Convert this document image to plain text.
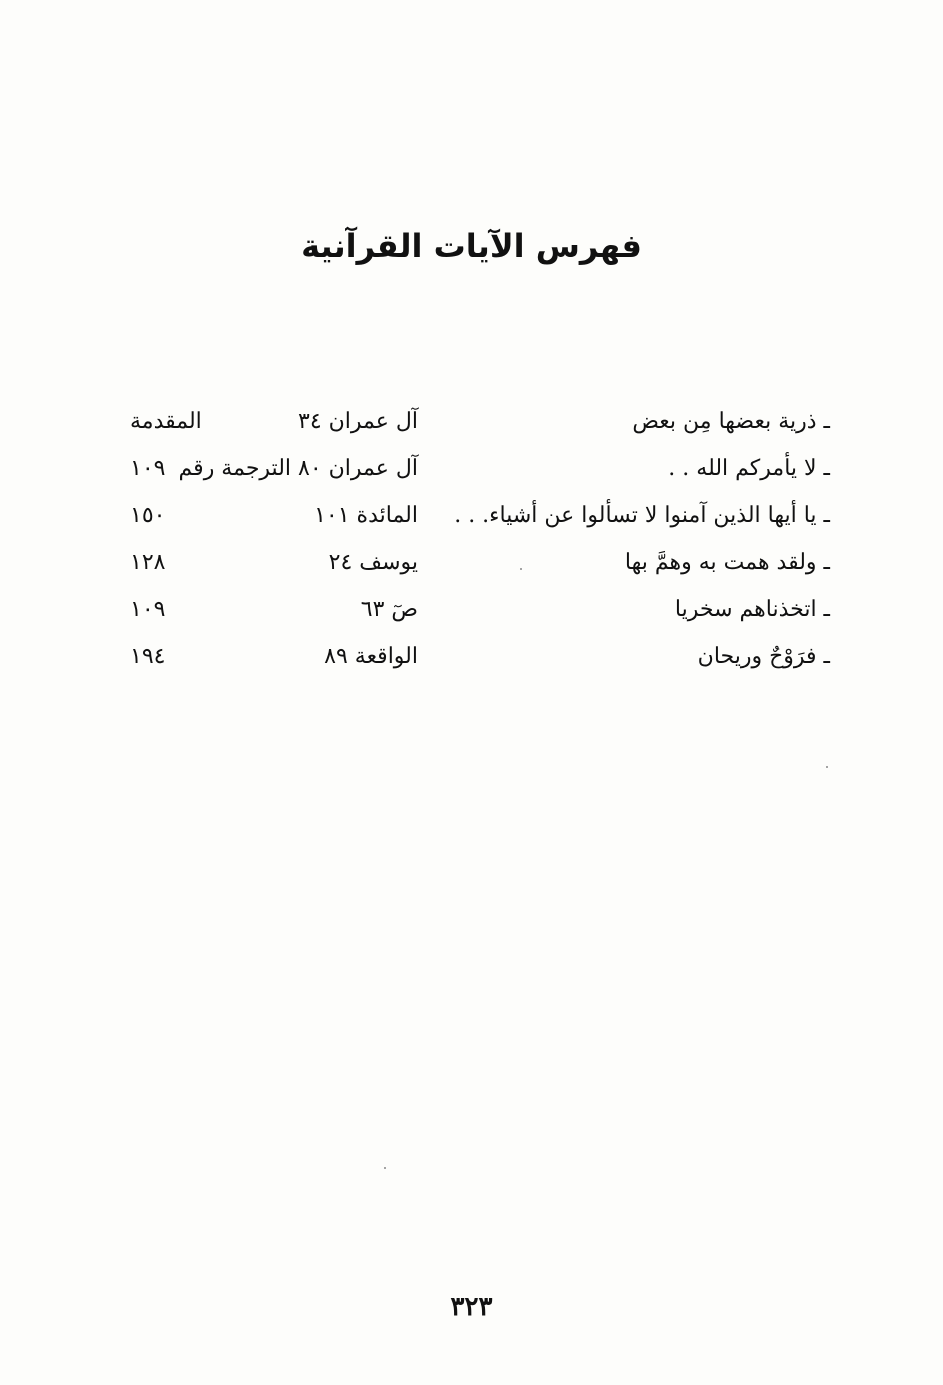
فهرس الآيات القرآنية
ـ ذرية بعضها مِن بعض
آل عمران ٣٤
المقدمة
ـ لا يأمركم الله . .
آل عمران ٨٠ الترجمة رقم
١٠٩
ـ يا أيها الذين آمنوا لا تسألوا عن أشياء. . .
المائدة ١٠١
١٥٠
ـ ولقد همت به وهمَّ بها
يوسف ٢٤
١٢٨
ـ اتخذناهم سخريا
صٓ ٦٣
١٠٩
ـ فرَوْحٌ وريحان
الواقعة ٨٩
١٩٤
٣٢٣
